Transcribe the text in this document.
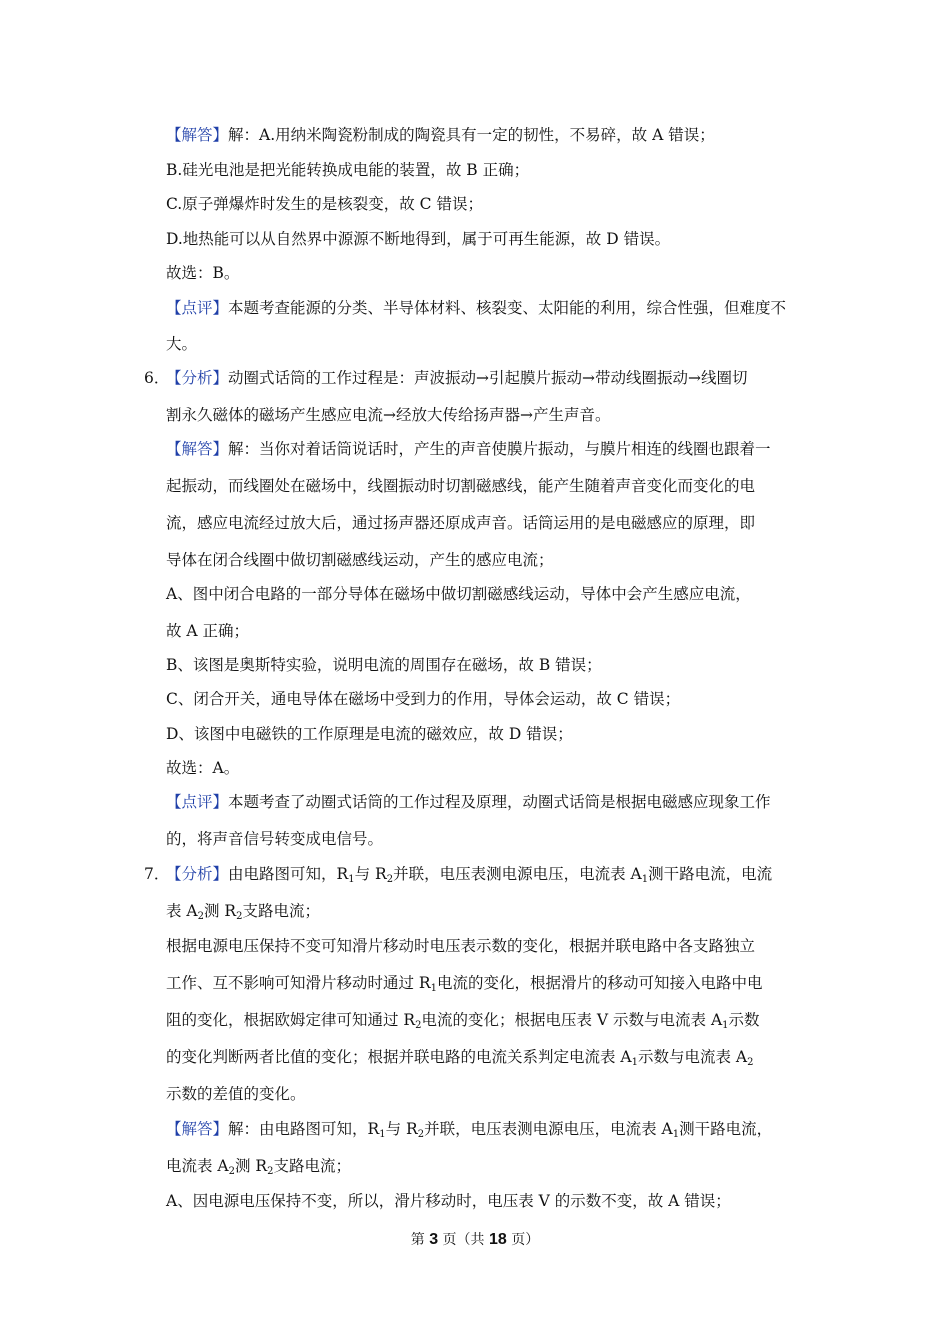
【解答】解：A.用纳米陶瓷粉制成的陶瓷具有一定的韧性，不易碎，故 A 错误；
B.硅光电池是把光能转换成电能的装置，故 B 正确；
C.原子弹爆炸时发生的是核裂变，故 C 错误；
D.地热能可以从自然界中源源不断地得到，属于可再生能源，故 D 错误。
故选：B。
【点评】本题考查能源的分类、半导体材料、核裂变、太阳能的利用，综合性强，但难度不
大。
6．
【分析】动圈式话筒的工作过程是：声波振动→引起膜片振动→带动线圈振动→线圈切
割永久磁体的磁场产生感应电流→经放大传给扬声器→产生声音。
【解答】解：当你对着话筒说话时，产生的声音使膜片振动，与膜片相连的线圈也跟着一
起振动，而线圈处在磁场中，线圈振动时切割磁感线，能产生随着声音变化而变化的电
流，感应电流经过放大后，通过扬声器还原成声音。话筒运用的是电磁感应的原理，即
导体在闭合线圈中做切割磁感线运动，产生的感应电流；
A、图中闭合电路的一部分导体在磁场中做切割磁感线运动，导体中会产生感应电流，
故 A 正确；
B、该图是奥斯特实验，说明电流的周围存在磁场，故 B 错误；
C、闭合开关，通电导体在磁场中受到力的作用，导体会运动，故 C 错误；
D、该图中电磁铁的工作原理是电流的磁效应，故 D 错误；
故选：A。
【点评】本题考查了动圈式话筒的工作过程及原理，动圈式话筒是根据电磁感应现象工作
的，将声音信号转变成电信号。
7．
【分析】由电路图可知，$R_1$与 $R_2$并联，电压表测电源电压，电流表 $A_1$测干路电流，电流
表 $A_2$测 $R_2$支路电流；
根据电源电压保持不变可知滑片移动时电压表示数的变化，根据并联电路中各支路独立
工作、互不影响可知滑片移动时通过 $R_1$电流的变化，根据滑片的移动可知接入电路中电
阻的变化，根据欧姆定律可知通过 $R_2$电流的变化；根据电压表 V 示数与电流表 $A_1$示数
的变化判断两者比值的变化；根据并联电路的电流关系判定电流表 $A_1$示数与电流表 $A_2$
示数的差值的变化。
【解答】解：由电路图可知，$R_1$与 $R_2$并联，电压表测电源电压，电流表 $A_1$测干路电流，
电流表 $A_2$测 $R_2$支路电流；
A、因电源电压保持不变，所以，滑片移动时，电压表 V 的示数不变，故 A 错误；
第 3 页（共 18 页）
